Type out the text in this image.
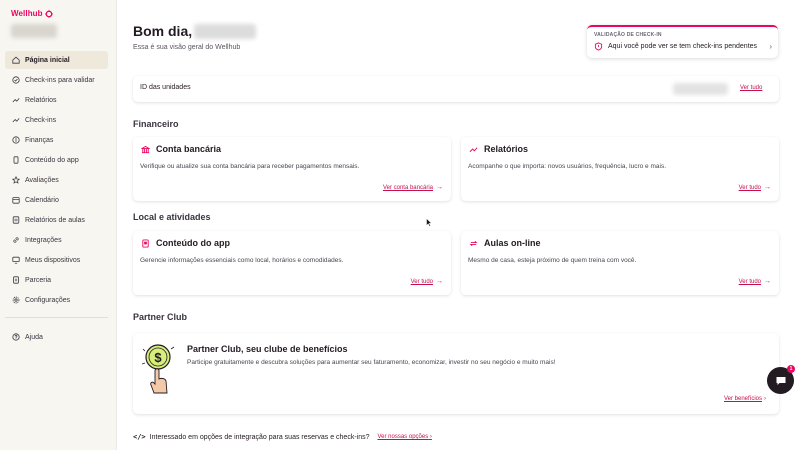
Wellhub
Página inicial
Check-ins para validar
Relatórios
Check-ins
Finanças
Conteúdo do app
Avaliações
Calendário
Relatórios de aulas
Integrações
Meus dispositivos
Parceria
Configurações
Ajuda
Bom dia,
Essa é sua visão geral do Wellhub
VALIDAÇÃO DE CHECK-IN
Aqui você pode ver se tem check-ins pendentes ›
ID das unidades	Ver tudo
Financeiro
Conta bancária
Verifique ou atualize sua conta bancária para receber pagamentos mensais.
Ver conta bancária →
Relatórios
Acompanhe o que importa: novos usuários, frequência, lucro e mais.
Ver tudo →
Local e atividades
Conteúdo do app
Gerencie informações essenciais como local, horários e comodidades.
Ver tudo →
Aulas on-line
Mesmo de casa, esteja próximo de quem treina com você.
Ver tudo →
Partner Club
$
Partner Club, seu clube de benefícios
Participe gratuitamente e descubra soluções para aumentar seu faturamento, economizar, investir no seu negócio e muito mais!
Ver benefícios ›
</> Interessado em opções de integração para suas reservas e check-ins? Ver nossas opções ›
1
